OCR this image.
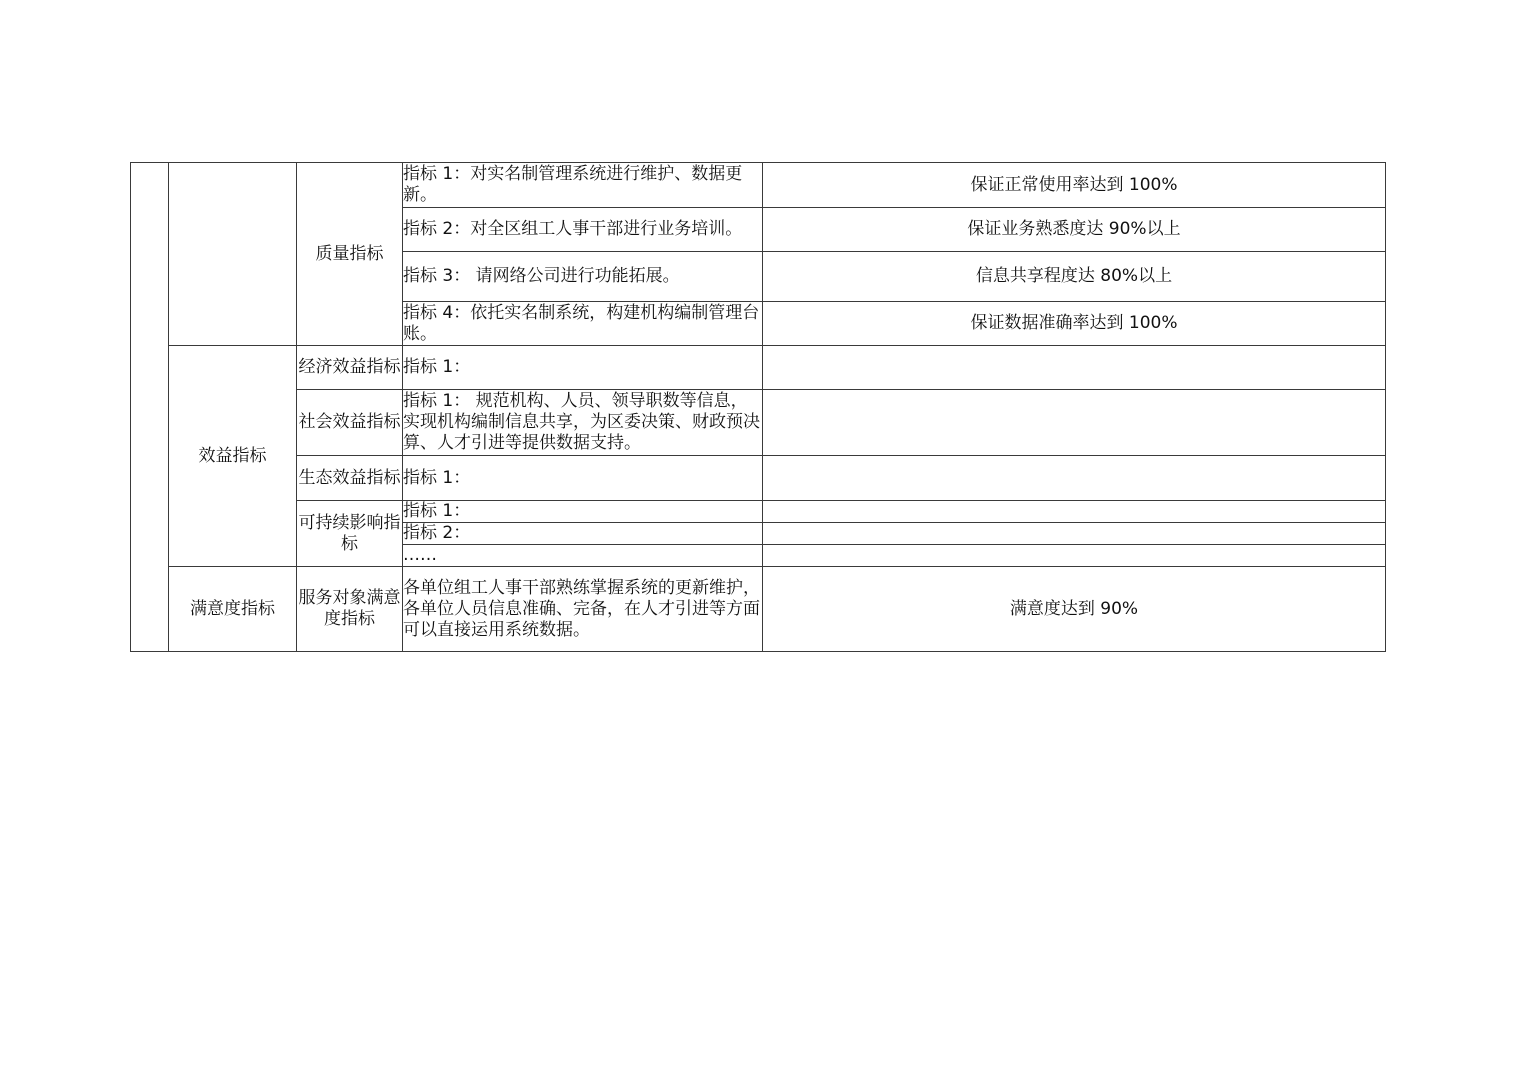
		质量指标	指标 1：对实名制管理系统进行维护、数据更新。	保证正常使用率达到 100%
			指标 2：对全区组工人事干部进行业务培训。	保证业务熟悉度达 90%以上
			指标 3： 请网络公司进行功能拓展。	信息共享程度达 80%以上
			指标 4：依托实名制系统，构建机构编制管理台账。	保证数据准确率达到 100%
	效益指标	经济效益指标	指标 1：	
		社会效益指标	指标 1： 规范机构、人员、领导职数等信息，实现机构编制信息共享，为区委决策、财政预决算、人才引进等提供数据支持。	
		生态效益指标	指标 1：	
		可持续影响指标	指标 1：	
			指标 2：	
			……	
	满意度指标	服务对象满意度指标	各单位组工人事干部熟练掌握系统的更新维护，各单位人员信息准确、完备，在人才引进等方面可以直接运用系统数据。	满意度达到 90%
